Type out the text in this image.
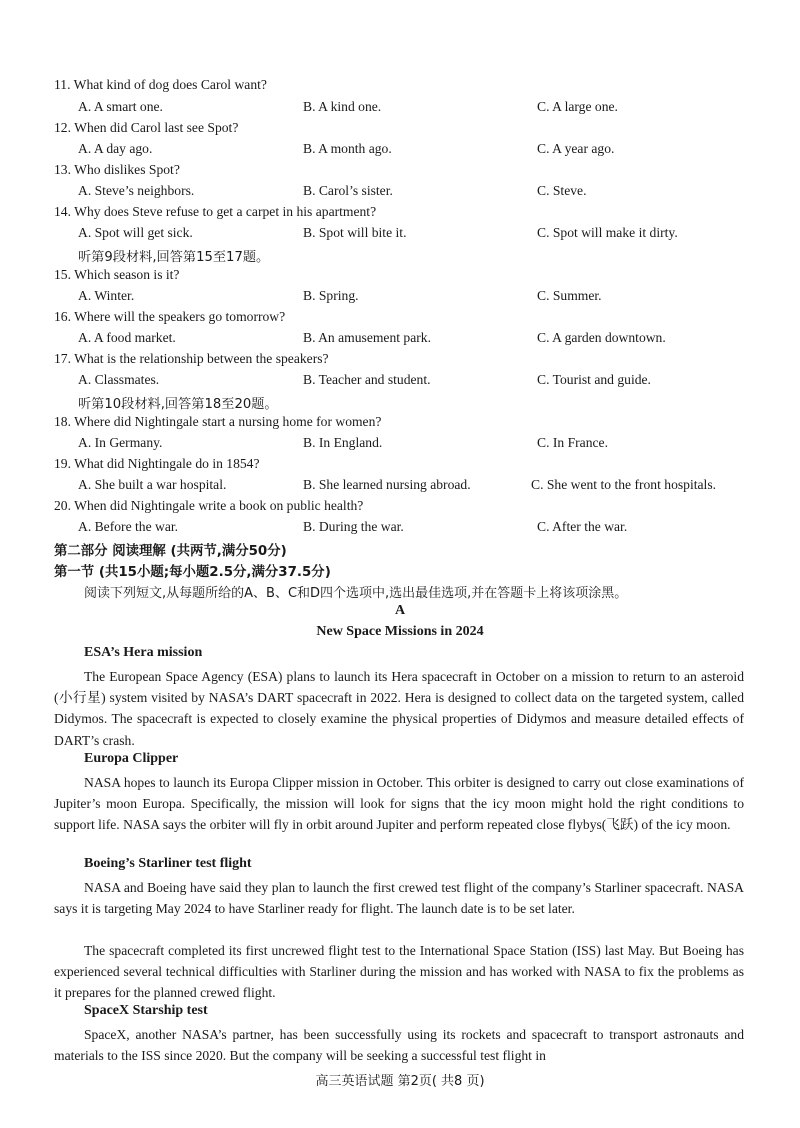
11. What kind of dog does Carol want?
A. A smart one.	B. A kind one.	C. A large one.
12. When did Carol last see Spot?
A. A day ago.	B. A month ago.	C. A year ago.
13. Who dislikes Spot?
A. Steve’s neighbors.	B. Carol’s sister.	C. Steve.
14. Why does Steve refuse to get a carpet in his apartment?
A. Spot will get sick.	B. Spot will bite it.	C. Spot will make it dirty.
听第9段材料,回答第15至17题。
15. Which season is it?
A. Winter.	B. Spring.	C. Summer.
16. Where will the speakers go tomorrow?
A. A food market.	B. An amusement park.	C. A garden downtown.
17. What is the relationship between the speakers?
A. Classmates.	B. Teacher and student.	C. Tourist and guide.
听第10段材料,回答第18至20题。
18. Where did Nightingale start a nursing home for women?
A. In Germany.	B. In England.	C. In France.
19. What did Nightingale do in 1854?
A. She built a war hospital.	B. She learned nursing abroad.	C. She went to the front hospitals.
20. When did Nightingale write a book on public health?
A. Before the war.	B. During the war.	C. After the war.
第二部分 阅读理解 (共两节,满分50分)
第一节 (共15小题;每小题2.5分,满分37.5分)
阅读下列短文,从每题所给的A、B、C和D四个选项中,选出最佳选项,并在答题卡上将该项涂黑。
A
New Space Missions in 2024
ESA’s Hera mission
The European Space Agency (ESA) plans to launch its Hera spacecraft in October on a mission to return to an asteroid (小行星) system visited by NASA’s DART spacecraft in 2022. Hera is designed to collect data on the targeted system, called Didymos. The spacecraft is expected to closely examine the physical properties of Didymos and measure detailed effects of DART’s crash.
Europa Clipper
NASA hopes to launch its Europa Clipper mission in October. This orbiter is designed to carry out close examinations of Jupiter’s moon Europa. Specifically, the mission will look for signs that the icy moon might hold the right conditions to support life. NASA says the orbiter will fly in orbit around Jupiter and perform repeated close flybys(飞跃) of the icy moon.
Boeing’s Starliner test flight
NASA and Boeing have said they plan to launch the first crewed test flight of the company’s Starliner spacecraft. NASA says it is targeting May 2024 to have Starliner ready for flight. The launch date is to be set later.
The spacecraft completed its first uncrewed flight test to the International Space Station (ISS) last May. But Boeing has experienced several technical difficulties with Starliner during the mission and has worked with NASA to fix the problems as it prepares for the planned crewed flight.
SpaceX Starship test
SpaceX, another NASA’s partner, has been successfully using its rockets and spacecraft to transport astronauts and materials to the ISS since 2020. But the company will be seeking a successful test flight in
高三英语试题 第2页( 共8 页)
